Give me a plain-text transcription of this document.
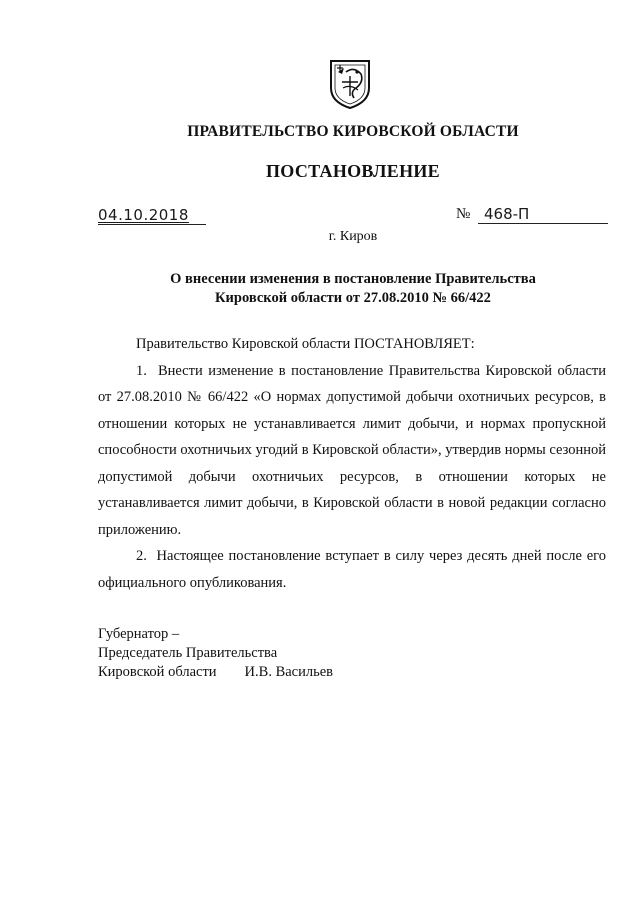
ПРАВИТЕЛЬСТВО КИРОВСКОЙ ОБЛАСТИ
ПОСТАНОВЛЕНИЕ
04.10.2018	№ 468-П
г. Киров
О внесении изменения в постановление Правительства
Кировской области от 27.08.2010 № 66/422

Правительство Кировской области ПОСТАНОВЛЯЕТ:

1.  Внести изменение в постановление Правительства Кировской области от 27.08.2010 № 66/422 «О нормах допустимой добычи охотничьих ресурсов, в отношении которых не устанавливается лимит добычи, и нормах пропускной способности охотничьих угодий в Кировской области», утвердив нормы сезонной допустимой добычи охотничьих ресурсов, в отношении которых не устанавливается лимит добычи, в Кировской области в новой редакции согласно приложению.

2.  Настоящее постановление вступает в силу через десять дней после его официального опубликования.

Губернатор –
Председатель Правительства
Кировской области И.В. Васильев
